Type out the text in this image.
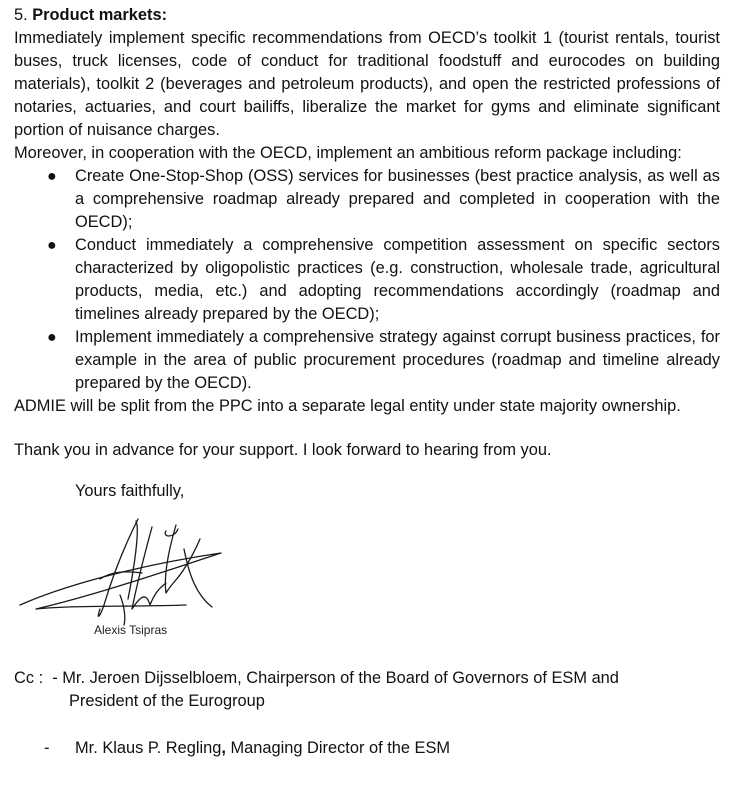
5. Product markets:

Immediately implement specific recommendations from OECD’s toolkit 1 (tourist rentals, tourist buses, truck licenses, code of conduct for traditional foodstuff and eurocodes on building materials), toolkit 2 (beverages and petroleum products), and open the restricted professions of notaries, actuaries, and court bailiffs, liberalize the market for gyms and eliminate significant portion of nuisance charges.

Moreover, in cooperation with the OECD, implement an ambitious reform package including:

● Create One-Stop-Shop (OSS) services for businesses (best practice analysis, as well as a comprehensive roadmap already prepared and completed in cooperation with the OECD);
● Conduct immediately a comprehensive competition assessment on specific sectors characterized by oligopolistic practices (e.g. construction, wholesale trade, agricultural products, media, etc.) and adopting recommendations accordingly (roadmap and timelines already prepared by the OECD);
● Implement immediately a comprehensive strategy against corrupt business practices, for example in the area of public procurement procedures (roadmap and timeline already prepared by the OECD).

ADMIE will be split from the PPC into a separate legal entity under state majority ownership.

Thank you in advance for your support. I look forward to hearing from you.

Yours faithfully,

Alexis Tsipras
Cc : - Mr. Jeroen Dijsselbloem, Chairperson of the Board of Governors of ESM and
President of the Eurogroup
- Mr. Klaus P. Regling, Managing Director of the ESM
